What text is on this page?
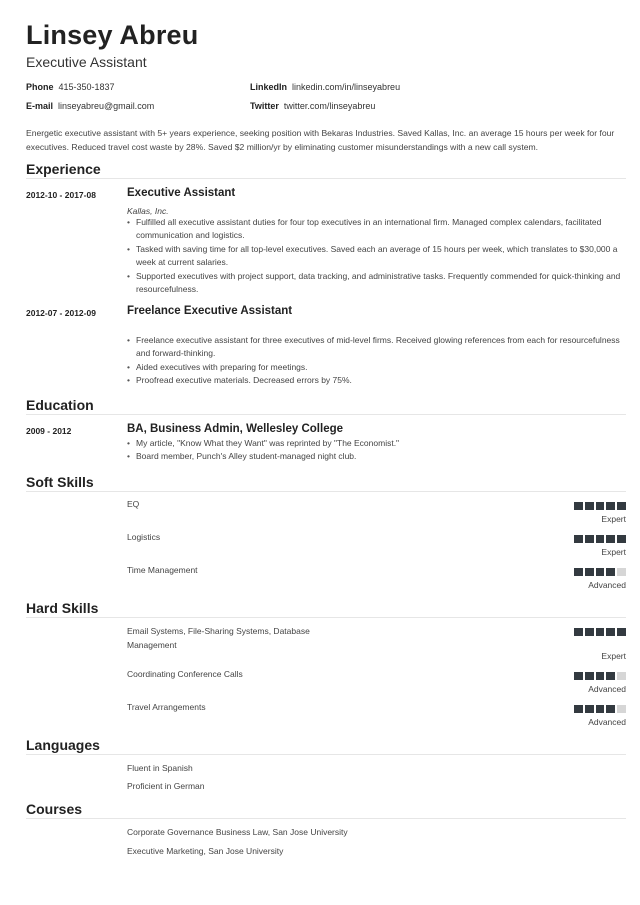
Linsey Abreu
Executive Assistant
Phone 415-350-1837
E-mail linseyabreu@gmail.com
LinkedIn linkedin.com/in/linseyabreu
Twitter twitter.com/linseyabreu

Energetic executive assistant with 5+ years experience, seeking position with Bekaras Industries. Saved Kallas, Inc. an average 15 hours per week for four executives. Reduced travel cost waste by 28%. Saved $2 million/yr by eliminating customer misunderstandings with a new call system.

Experience
2012-10 - 2017-08	Executive Assistant
Kallas, Inc.
• Fulfilled all executive assistant duties for four top executives in an international firm. Managed complex calendars, facilitated communication and logistics.
• Tasked with saving time for all top-level executives. Saved each an average of 15 hours per week, which translates to $30,000 a week at current salaries.
• Supported executives with project support, data tracking, and administrative tasks. Frequently commended for quick-thinking and resourcefulness.
2012-07 - 2012-09	Freelance Executive Assistant
• Freelance executive assistant for three executives of mid-level firms. Received glowing references from each for resourcefulness and forward-thinking.
• Aided executives with preparing for meetings.
• Proofread executive materials. Decreased errors by 75%.
Education
2009 - 2012	BA, Business Admin, Wellesley College
• My article, "Know What they Want" was reprinted by "The Economist."
• Board member, Punch's Alley student-managed night club.
Soft Skills
EQ
Expert
Logistics
Expert
Time Management
Advanced
Hard Skills
Email Systems, File-Sharing Systems, Database Management
Expert
Coordinating Conference Calls
Advanced
Travel Arrangements
Advanced
Languages
Fluent in Spanish
Proficient in German
Courses
Corporate Governance Business Law, San Jose University
Executive Marketing, San Jose University
